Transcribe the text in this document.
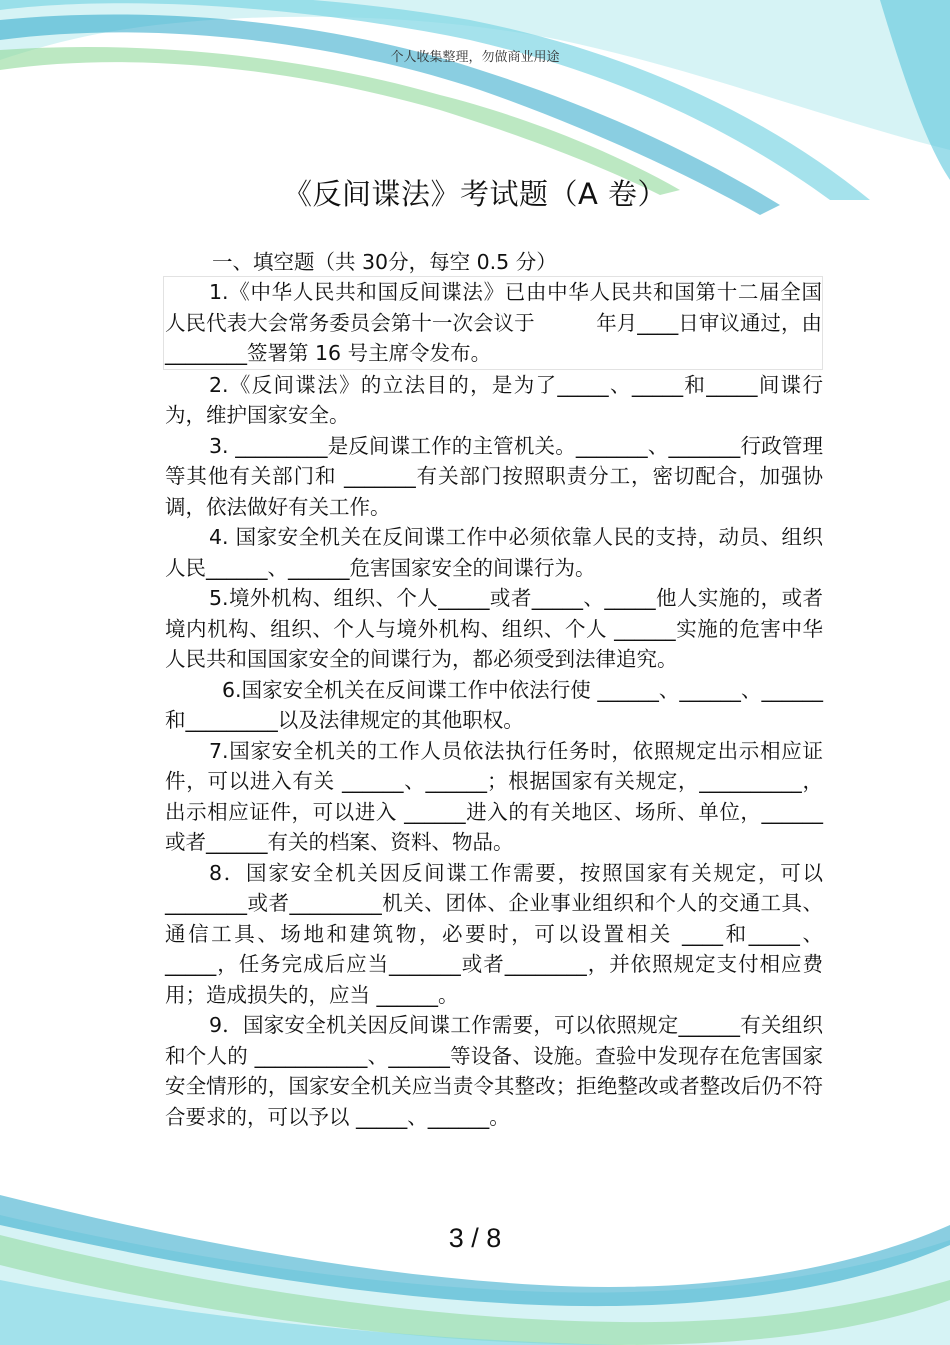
个人收集整理，勿做商业用途
《反间谍法》考试题（A 卷）
一、填空题（共 30分，每空 0.5 分）
1.《中华人民共和国反间谍法》已由中华人民共和国第十二届全国人民代表大会常务委员会第十一次会议于　　　年月____日审议通过，由 ________签署第 16 号主席令发布。
2.《反间谍法》的立法目的，是为了_____、_____和_____间谍行为，维护国家安全。
3. _________是反间谍工作的主管机关。_______、_______行政管理等其他有关部门和 _______有关部门按照职责分工，密切配合，加强协调，依法做好有关工作。
4. 国家安全机关在反间谍工作中必须依靠人民的支持，动员、组织人民______、______危害国家安全的间谍行为。
5.境外机构、组织、个人_____或者_____、_____他人实施的，或者境内机构、组织、个人与境外机构、组织、个人 ______实施的危害中华人民共和国国家安全的间谍行为，都必须受到法律追究。
6.国家安全机关在反间谍工作中依法行使 ______、______、______和_________以及法律规定的其他职权。
7.国家安全机关的工作人员依法执行任务时，依照规定出示相应证件，可以进入有关 ______、______；根据国家有关规定，__________，出示相应证件，可以进入 ______进入的有关地区、场所、单位，______或者______有关的档案、资料、物品。
8．国家安全机关因反间谍工作需要，按照国家有关规定，可以________或者_________机关、团体、企业事业组织和个人的交通工具、通信工具、场地和建筑物，必要时，可以设置相关 ____和_____、_____，任务完成后应当_______或者________，并依照规定支付相应费用；造成损失的，应当 ______。
9．国家安全机关因反间谍工作需要，可以依照规定______有关组织和个人的 ___________、______等设备、设施。查验中发现存在危害国家安全情形的，国家安全机关应当责令其整改；拒绝整改或者整改后仍不符合要求的，可以予以 _____、______。
3 / 8
